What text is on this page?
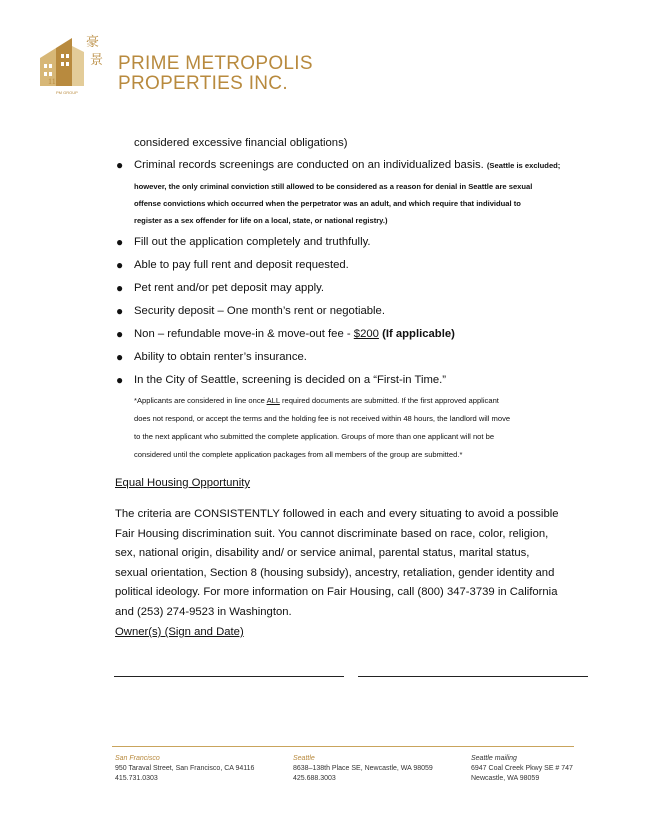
11
PM GROUP
豪
景 PRIME METROPOLIS
PROPERTIES INC.
considered excessive financial obligations)
● Criminal records screenings are conducted on an individualized basis. (Seattle is excluded;
however, the only criminal conviction still allowed to be considered as a reason for denial in Seattle are sexual
offense convictions which occurred when the perpetrator was an adult, and which require that individual to
register as a sex offender for life on a local, state, or national registry.)
● Fill out the application completely and truthfully.
● Able to pay full rent and deposit requested.
● Pet rent and/or pet deposit may apply.
● Security deposit – One month’s rent or negotiable.
● Non – refundable move-in & move-out fee - $200 (If applicable)
● Ability to obtain renter’s insurance.
● In the City of Seattle, screening is decided on a “First-in Time.”
*Applicants are considered in line once ALL required documents are submitted. If the first approved applicant
does not respond, or accept the terms and the holding fee is not received within 48 hours, the landlord will move
to the next applicant who submitted the complete application. Groups of more than one applicant will not be
considered until the complete application packages from all members of the group are submitted.*
Equal Housing Opportunity
The criteria are CONSISTENTLY followed in each and every situating to avoid a possible
Fair Housing discrimination suit. You cannot discriminate based on race, color, religion,
sex, national origin, disability and/ or service animal, parental status, marital status,
sexual orientation, Section 8 (housing subsidy), ancestry, retaliation, gender identity and
political ideology. For more information on Fair Housing, call (800) 347-3739 in California
and (253) 274-9523 in Washington.
Owner(s) (Sign and Date)
San Francisco
950 Taraval Street, San Francisco, CA 94116
415.731.0303
Seattle
8638–138th Place SE, Newcastle, WA 98059
425.688.3003
Seattle mailing
6947 Coal Creek Pkwy SE # 747
Newcastle, WA 98059
